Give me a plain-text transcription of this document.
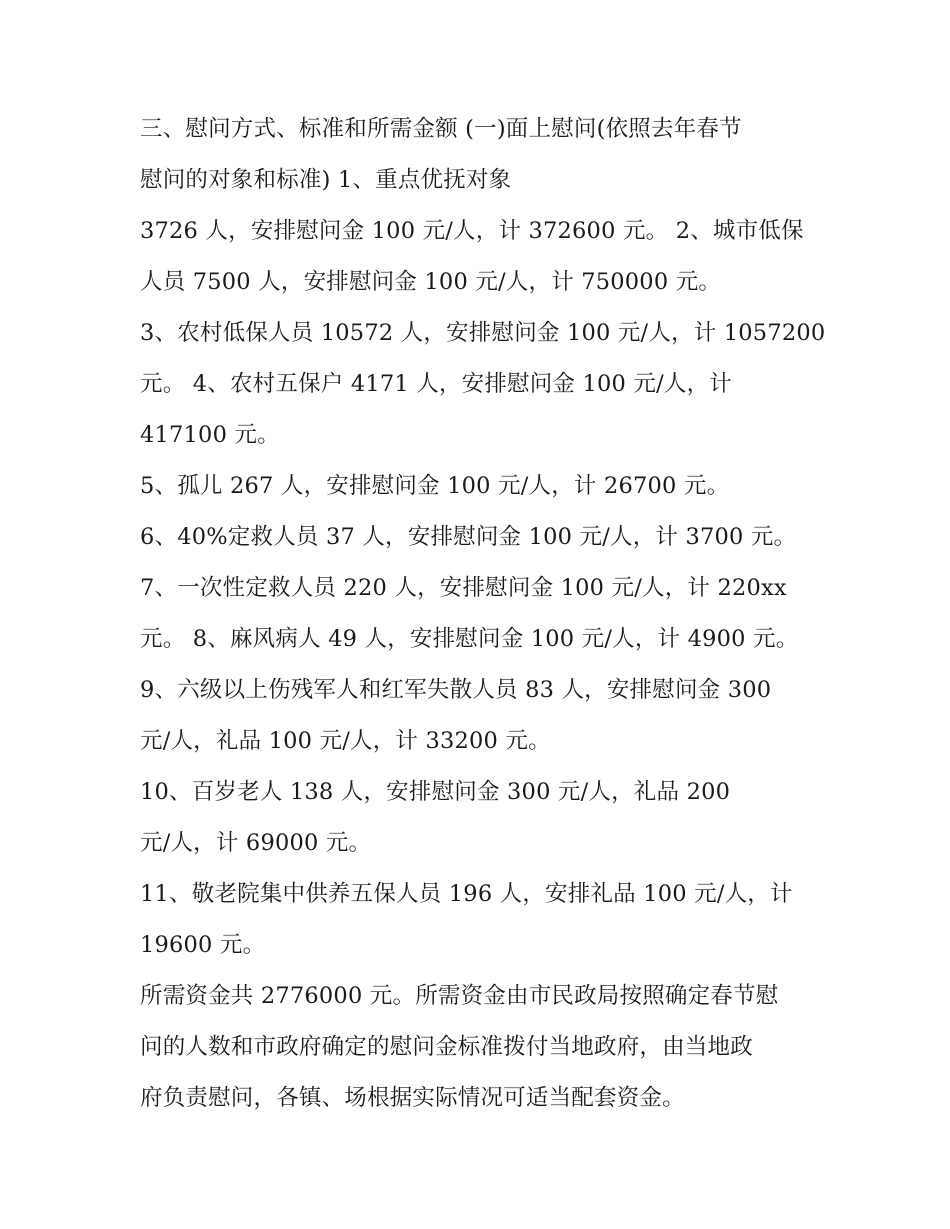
三、慰问方式、标准和所需金额 (一)面上慰问(依照去年春节
慰问的对象和标准) 1、重点优抚对象
3726 人，安排慰问金 100 元/人，计 372600 元。 2、城市低保
人员 7500 人，安排慰问金 100 元/人，计 750000 元。
3、农村低保人员 10572 人，安排慰问金 100 元/人，计 1057200
元。 4、农村五保户 4171 人，安排慰问金 100 元/人，计
417100 元。
5、孤儿 267 人，安排慰问金 100 元/人，计 26700 元。
6、40%定救人员 37 人，安排慰问金 100 元/人，计 3700 元。
7、一次性定救人员 220 人，安排慰问金 100 元/人，计 220xx
元。 8、麻风病人 49 人，安排慰问金 100 元/人，计 4900 元。
9、六级以上伤残军人和红军失散人员 83 人，安排慰问金 300
元/人，礼品 100 元/人，计 33200 元。
10、百岁老人 138 人，安排慰问金 300 元/人，礼品 200
元/人，计 69000 元。
11、敬老院集中供养五保人员 196 人，安排礼品 100 元/人，计
19600 元。
所需资金共 2776000 元。所需资金由市民政局按照确定春节慰
问的人数和市政府确定的慰问金标准拨付当地政府，由当地政
府负责慰问，各镇、场根据实际情况可适当配套资金。
